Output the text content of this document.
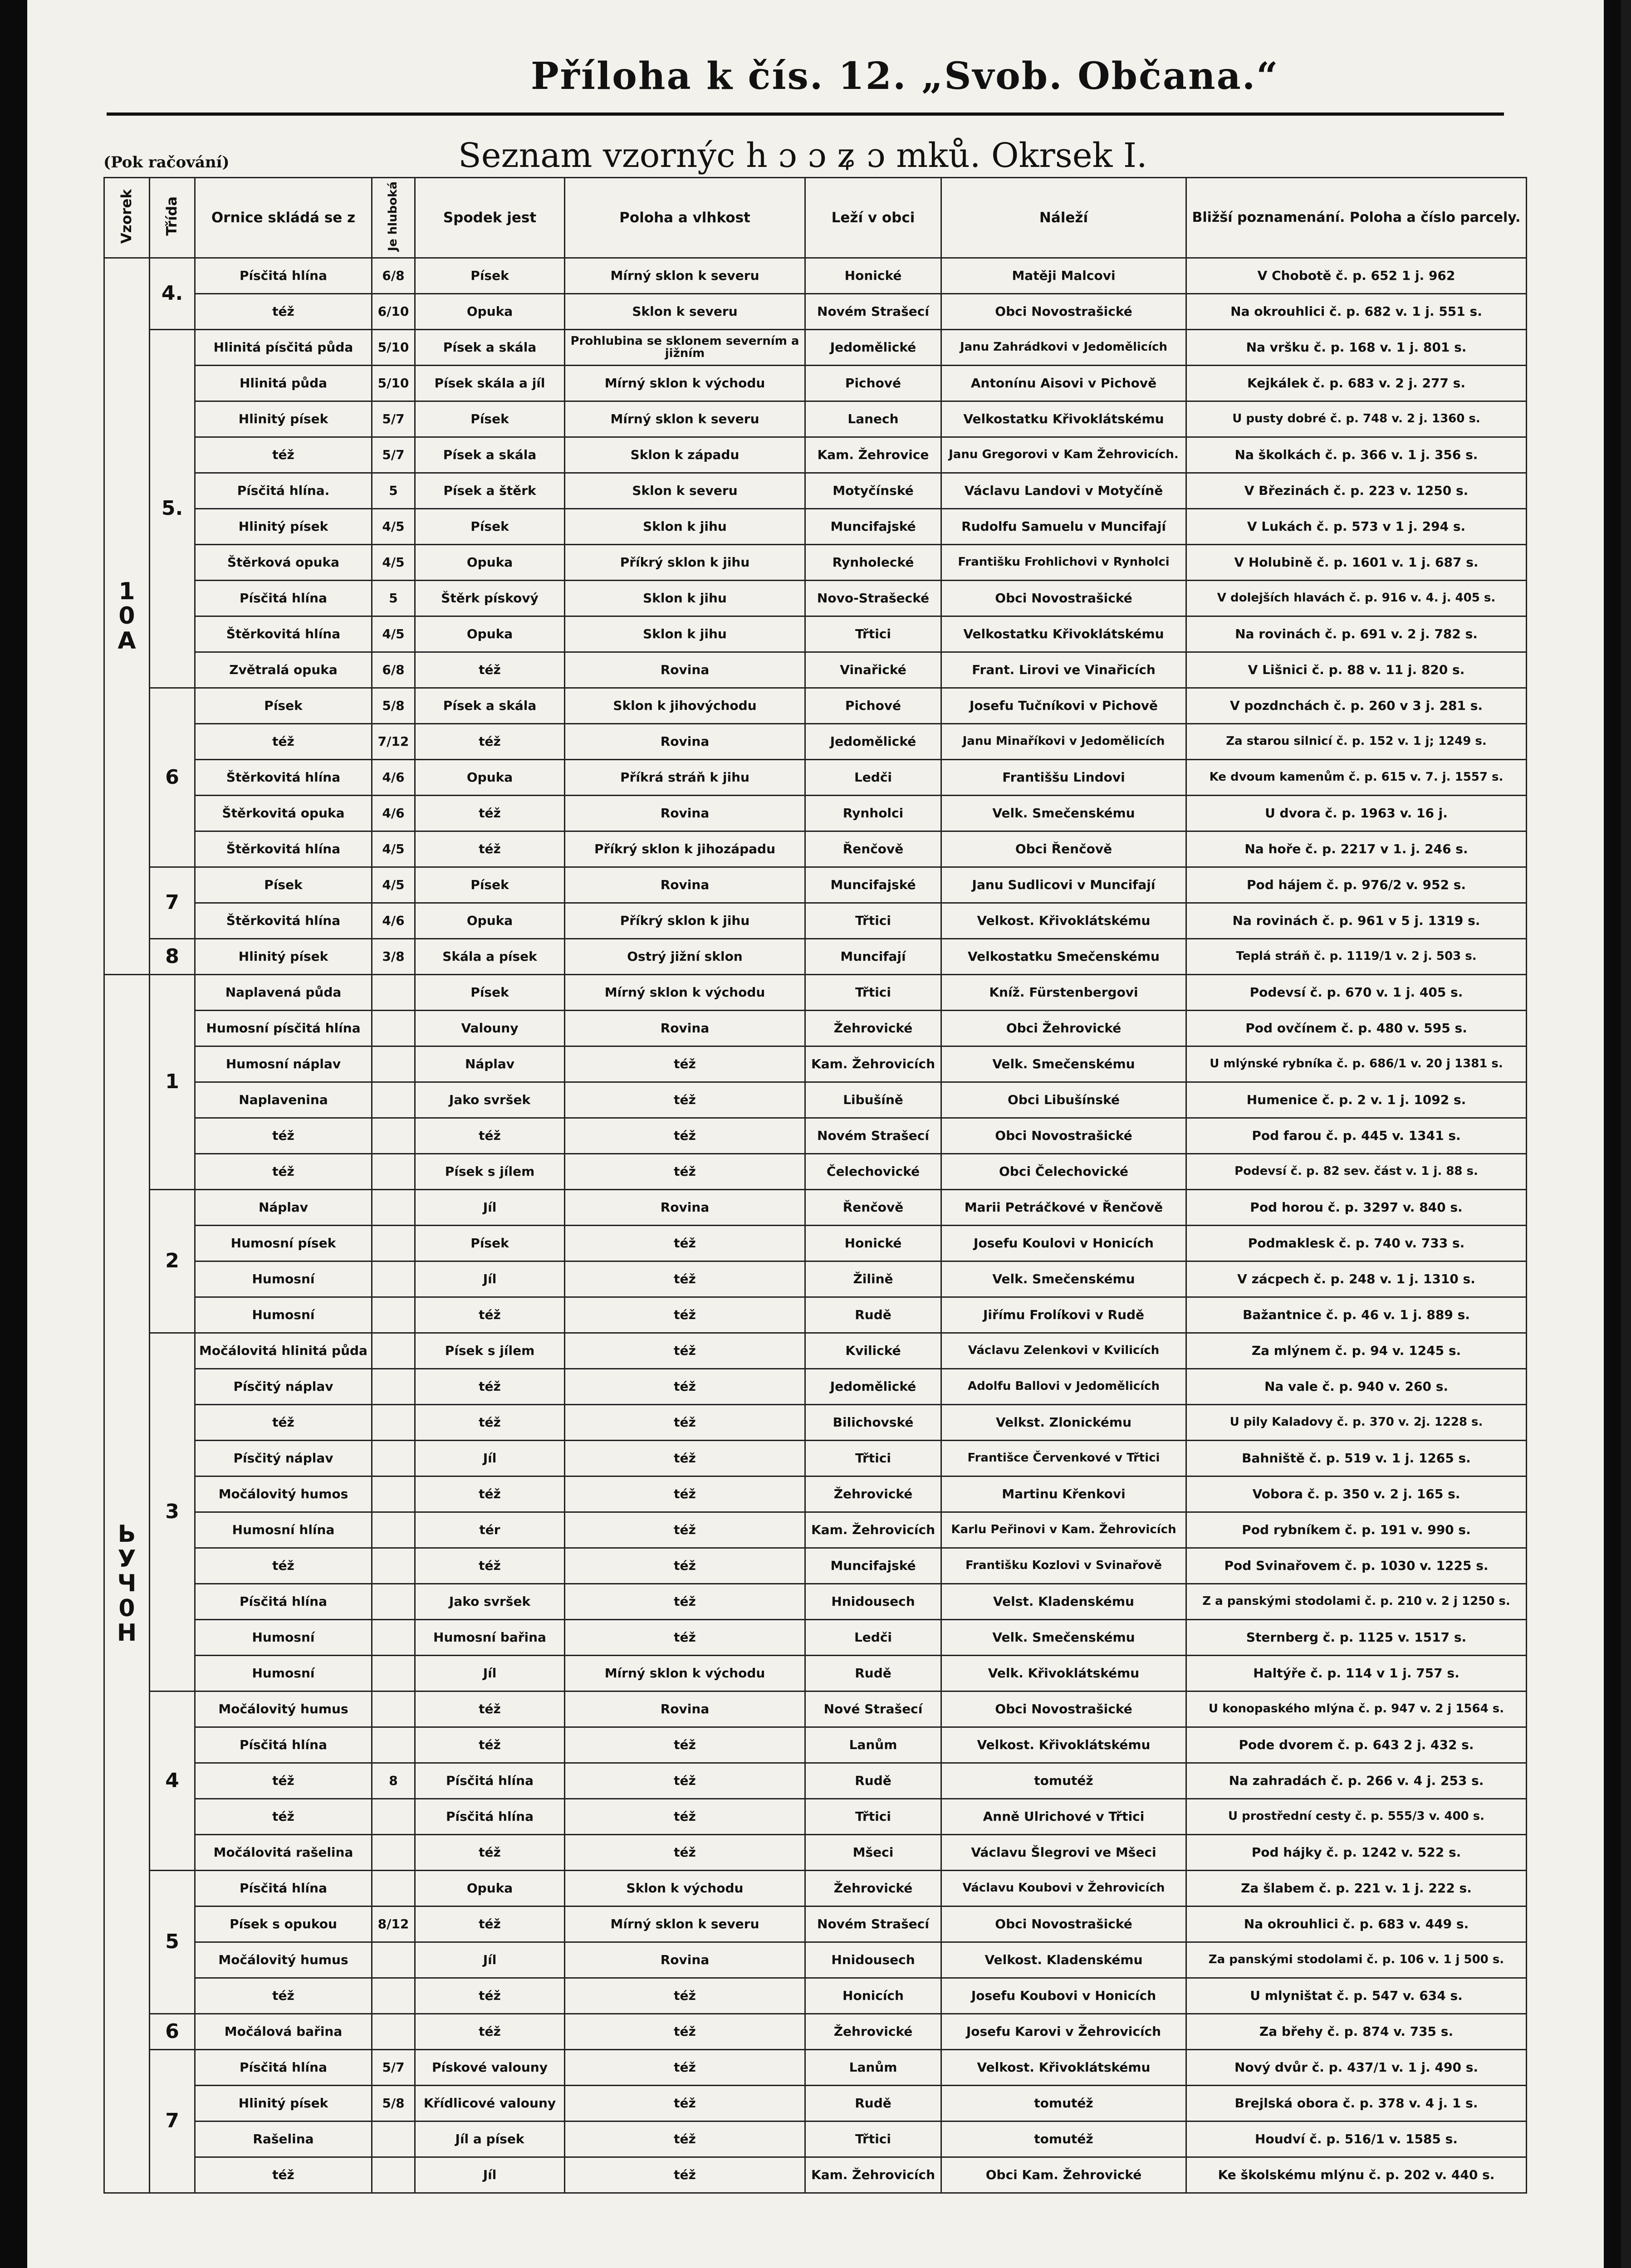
Příloha k čís. 12. „Svob. Občana.“
(Pok račování)	Seznam vzornýc h ɔ ɔ ʑ ɔ mků. Okrsek I.
Vzorek	Třída	Ornice skládá se z	Je hluboká	Spodek jest	Poloha a vlhkost	Leží v obci	Náleží	Bližší poznamenání. Poloha a číslo parcely.
1 0 A	4.	Písčitá hlína	6/8	Písek	Mírný sklon k severu	Honické	Matěji Malcovi	V Chobotě č. p. 652 1 j. 962
		též	6/10	Opuka	Sklon k severu	Novém Strašecí	Obci Novostrašické	Na okrouhlici č. p. 682 v. 1 j. 551 s.
	5.	Hlinitá písčitá půda	5/10	Písek a skála	Prohlubina se sklonem severním a jižním	Jedomělické	Janu Zahrádkovi v Jedomělicích	Na vršku č. p. 168 v. 1 j. 801 s.
		Hlinitá půda	5/10	Písek skála a jíl	Mírný sklon k východu	Pichové	Antonínu Aisovi v Pichově	Kejkálek č. p. 683 v. 2 j. 277 s.
		Hlinitý písek	5/7	Písek	Mírný sklon k severu	Lanech	Velkostatku Křivoklátskému	U pusty dobré č. p. 748 v. 2 j. 1360 s.
		též	5/7	Písek a skála	Sklon k západu	Kam. Žehrovice	Janu Gregorovi v Kam Žehrovicích.	Na školkách č. p. 366 v. 1 j. 356 s.
		Písčitá hlína.	5	Písek a štěrk	Sklon k severu	Motyčínské	Václavu Landovi v Motyčíně	V Březinách č. p. 223 v. 1250 s.
		Hlinitý písek	4/5	Písek	Sklon k jihu	Muncifajské	Rudolfu Samuelu v Muncifají	V Lukách č. p. 573 v 1 j. 294 s.
		Štěrková opuka	4/5	Opuka	Příkrý sklon k jihu	Rynholecké	Františku Frohlichovi v Rynholci	V Holubině č. p. 1601 v. 1 j. 687 s.
		Písčitá hlína	5	Štěrk pískový	Sklon k jihu	Novo-Strašecké	Obci Novostrašické	V dolejších hlavách č. p. 916 v. 4. j. 405 s.
		Štěrkovitá hlína	4/5	Opuka	Sklon k jihu	Třtici	Velkostatku Křivoklátskému	Na rovinách č. p. 691 v. 2 j. 782 s.
		Zvětralá opuka	6/8	též	Rovina	Vinařické	Frant. Lirovi ve Vinařicích	V Lišnici č. p. 88 v. 11 j. 820 s.
	6	Písek	5/8	Písek a skála	Sklon k jihovýchodu	Pichové	Josefu Tučníkovi v Pichově	V pozdnchách č. p. 260 v 3 j. 281 s.
		též	7/12	též	Rovina	Jedomělické	Janu Minaříkovi v Jedomělicích	Za starou silnicí č. p. 152 v. 1 j; 1249 s.
		Štěrkovitá hlína	4/6	Opuka	Příkrá stráň k jihu	Ledči	Františšu Lindovi	Ke dvoum kamenům č. p. 615 v. 7. j. 1557 s.
		Štěrkovitá opuka	4/6	též	Rovina	Rynholci	Velk. Smečenskému	U dvora č. p. 1963 v. 16 j.
		Štěrkovitá hlína	4/5	též	Příkrý sklon k jihozápadu	Řenčově	Obci Řenčově	Na hoře č. p. 2217 v 1. j. 246 s.
	7	Písek	4/5	Písek	Rovina	Muncifajské	Janu Sudlicovi v Muncifají	Pod hájem č. p. 976/2 v. 952 s.
		Štěrkovitá hlína	4/6	Opuka	Příkrý sklon k jihu	Třtici	Velkost. Křivoklátskému	Na rovinách č. p. 961 v 5 j. 1319 s.
	8	Hlinitý písek	3/8	Skála a písek	Ostrý jižní sklon	Muncifají	Velkostatku Smečenskému	Teplá stráň č. p. 1119/1 v. 2 j. 503 s.
Ь У Ч 0 Н	1	Naplavená půda		Písek	Mírný sklon k východu	Třtici	Kníž. Fürstenbergovi	Podevsí č. p. 670 v. 1 j. 405 s.
		Humosní písčitá hlína		Valouny	Rovina	Žehrovické	Obci Žehrovické	Pod ovčínem č. p. 480 v. 595 s.
		Humosní náplav		Náplav	též	Kam. Žehrovicích	Velk. Smečenskému	U mlýnské rybníka č. p. 686/1 v. 20 j 1381 s.
		Naplavenina		Jako svršek	též	Libušíně	Obci Libušínské	Humenice č. p. 2 v. 1 j. 1092 s.
		též		též	též	Novém Strašecí	Obci Novostrašické	Pod farou č. p. 445 v. 1341 s.
		též		Písek s jílem	též	Čelechovické	Obci Čelechovické	Podevsí č. p. 82 sev. část v. 1 j. 88 s.
	2	Náplav		Jíl	Rovina	Řenčově	Marii Petráčkové v Řenčově	Pod horou č. p. 3297 v. 840 s.
		Humosní písek		Písek	též	Honické	Josefu Koulovi v Honicích	Podmaklesk č. p. 740 v. 733 s.
		Humosní		Jíl	též	Žilině	Velk. Smečenskému	V zácpech č. p. 248 v. 1 j. 1310 s.
		Humosní		též	též	Rudě	Jiřímu Frolíkovi v Rudě	Bažantnice č. p. 46 v. 1 j. 889 s.
	3	Močálovitá hlinitá půda		Písek s jílem	též	Kvilické	Václavu Zelenkovi v Kvilicích	Za mlýnem č. p. 94 v. 1245 s.
		Písčitý náplav		též	též	Jedomělické	Adolfu Ballovi v Jedomělicích	Na vale č. p. 940 v. 260 s.
		též		též	též	Bilichovské	Velkst. Zlonickému	U pily Kaladovy č. p. 370 v. 2j. 1228 s.
		Písčitý náplav		Jíl	též	Třtici	Františce Červenkové v Třtici	Bahniště č. p. 519 v. 1 j. 1265 s.
		Močálovitý humos		též	též	Žehrovické	Martinu Křenkovi	Vobora č. p. 350 v. 2 j. 165 s.
		Humosní hlína		tér	též	Kam. Žehrovicích	Karlu Peřinovi v Kam. Žehrovicích	Pod rybníkem č. p. 191 v. 990 s.
		též		též	též	Muncifajské	Františku Kozlovi v Svinařově	Pod Svinařovem č. p. 1030 v. 1225 s.
		Písčitá hlína		Jako svršek	též	Hnidousech	Velst. Kladenskému	Z a panskými stodolami č. p. 210 v. 2 j 1250 s.
		Humosní		Humosní bařina	též	Ledči	Velk. Smečenskému	Sternberg č. p. 1125 v. 1517 s.
		Humosní		Jíl	Mírný sklon k východu	Rudě	Velk. Křivoklátskému	Haltýře č. p. 114 v 1 j. 757 s.
	4	Močálovitý humus		též	Rovina	Nové Strašecí	Obci Novostrašické	U konopaského mlýna č. p. 947 v. 2 j 1564 s.
		Písčitá hlína		též	též	Lanům	Velkost. Křivoklátskému	Pode dvorem č. p. 643 2 j. 432 s.
		též	8	Písčitá hlína	též	Rudě	tomutéž	Na zahradách č. p. 266 v. 4 j. 253 s.
		též		Písčitá hlína	též	Třtici	Anně Ulrichové v Třtici	U prostřední cesty č. p. 555/3 v. 400 s.
		Močálovitá rašelina		též	též	Mšeci	Václavu Šlegrovi ve Mšeci	Pod hájky č. p. 1242 v. 522 s.
	5	Písčitá hlína		Opuka	Sklon k východu	Žehrovické	Václavu Koubovi v Žehrovicích	Za šlabem č. p. 221 v. 1 j. 222 s.
		Písek s opukou	8/12	též	Mírný sklon k severu	Novém Strašecí	Obci Novostrašické	Na okrouhlici č. p. 683 v. 449 s.
		Močálovitý humus		Jíl	Rovina	Hnidousech	Velkost. Kladenskému	Za panskými stodolami č. p. 106 v. 1 j 500 s.
		též		též	též	Honicích	Josefu Koubovi v Honicích	U mlyništat č. p. 547 v. 634 s.
	6	Močálová bařina		též	též	Žehrovické	Josefu Karovi v Žehrovicích	Za břehy č. p. 874 v. 735 s.
	7	Písčitá hlína	5/7	Pískové valouny	též	Lanům	Velkost. Křivoklátskému	Nový dvůr č. p. 437/1 v. 1 j. 490 s.
		Hlinitý písek	5/8	Křídlicové valouny	též	Rudě	tomutéž	Brejlská obora č. p. 378 v. 4 j. 1 s.
		Rašelina		Jíl a písek	též	Třtici	tomutéž	Houdví č. p. 516/1 v. 1585 s.
		též		Jíl	též	Kam. Žehrovicích	Obci Kam. Žehrovické	Ke školskému mlýnu č. p. 202 v. 440 s.
